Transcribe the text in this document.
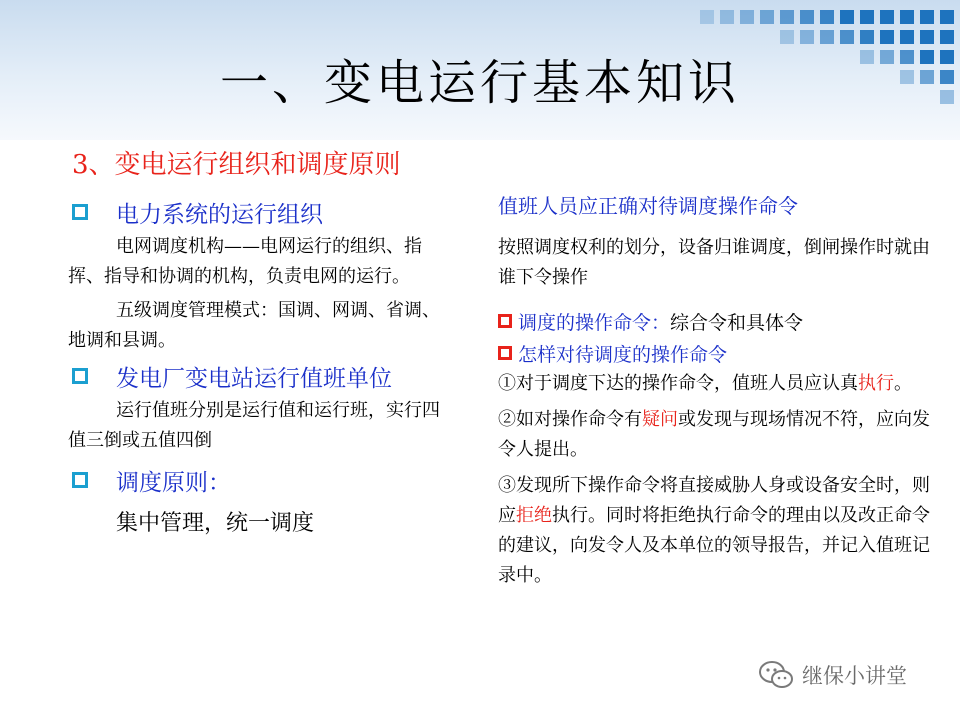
一、变电运行基本知识
3、变电运行组织和调度原则
电力系统的运行组织
电网调度机构——电网运行的组织、指挥、指导和协调的机构，负责电网的运行。
五级调度管理模式：国调、网调、省调、地调和县调。
发电厂变电站运行值班单位
运行值班分别是运行值和运行班，实行四值三倒或五值四倒
调度原则：
集中管理，统一调度
值班人员应正确对待调度操作命令
按照调度权利的划分，设备归谁调度，倒闸操作时就由谁下令操作
调度的操作命令： 综合令和具体令
怎样对待调度的操作命令
①对于调度下达的操作命令，值班人员应认真执行。
②如对操作命令有疑问或发现与现场情况不符，应向发令人提出。
③发现所下操作命令将直接威胁人身或设备安全时，则应拒绝执行。同时将拒绝执行命令的理由以及改正命令的建议，向发令人及本单位的领导报告，并记入值班记录中。
继保小讲堂
